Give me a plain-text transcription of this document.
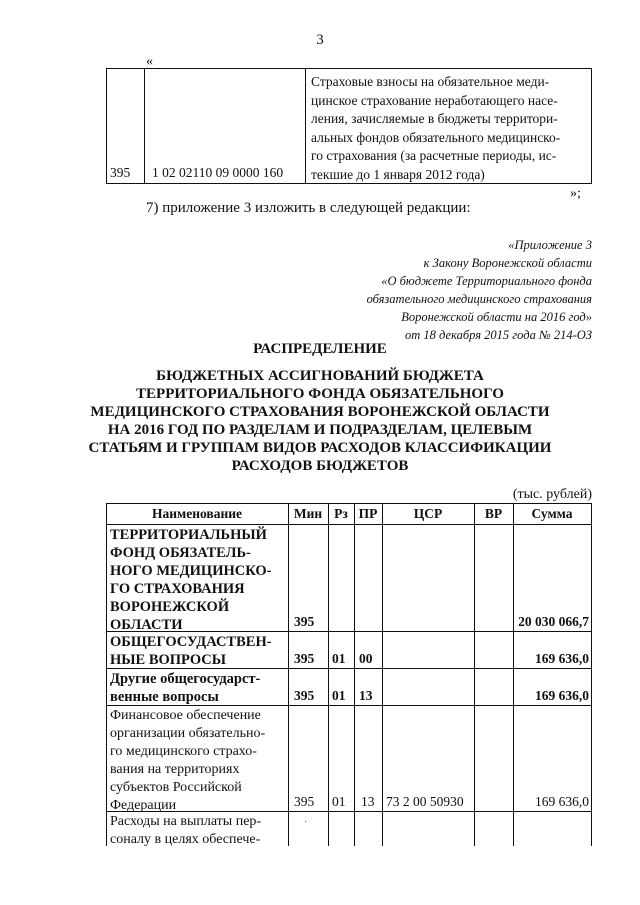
3
«
395 1 02 02110 09 0000 160
Страховые взносы на обязательное меди-
цинское страхование неработающего насе-
ления, зачисляемые в бюджеты территори-
альных фондов обязательного медицинско-
го страхования (за расчетные периоды, ис-
текшие до 1 января 2012 года)
»;
7) приложение 3 изложить в следующей редакции:
«Приложение 3
к Закону Воронежской области
«О бюджете Территориального фонда
обязательного медицинского страхования
Воронежской области на 2016 год»
от 18 декабря 2015 года № 214-ОЗ
РАСПРЕДЕЛЕНИЕ
БЮДЖЕТНЫХ АССИГНОВАНИЙ БЮДЖЕТА
ТЕРРИТОРИАЛЬНОГО ФОНДА ОБЯЗАТЕЛЬНОГО
МЕДИЦИНСКОГО СТРАХОВАНИЯ ВОРОНЕЖСКОЙ ОБЛАСТИ
НА 2016 ГОД ПО РАЗДЕЛАМ И ПОДРАЗДЕЛАМ, ЦЕЛЕВЫМ
СТАТЬЯМ И ГРУППАМ ВИДОВ РАСХОДОВ КЛАССИФИКАЦИИ
РАСХОДОВ БЮДЖЕТОВ
(тыс. рублей)
Наименование	Мин Рз ПР	ЦСР	ВР	Сумма
ТЕРРИТОРИАЛЬНЫЙ
ФОНД ОБЯЗАТЕЛЬ-
НОГО МЕДИЦИНСКО-
ГО СТРАХОВАНИЯ
ВОРОНЕЖСКОЙ
ОБЛАСТИ	395	20 030 066,7
ОБЩЕГОСУДАСТВЕН-
НЫЕ ВОПРОСЫ	395 01 00	169 636,0
Другие общегосударст-
венные вопросы	395 01 13	169 636,0
Финансовое обеспечение
организации обязательно-
го медицинского страхо-
вания на территориях
субъектов Российской
Федерации	395 01 13 73 2 00 50930	169 636,0
Расходы на выплаты пер-
соналу в целях обеспече-
·
